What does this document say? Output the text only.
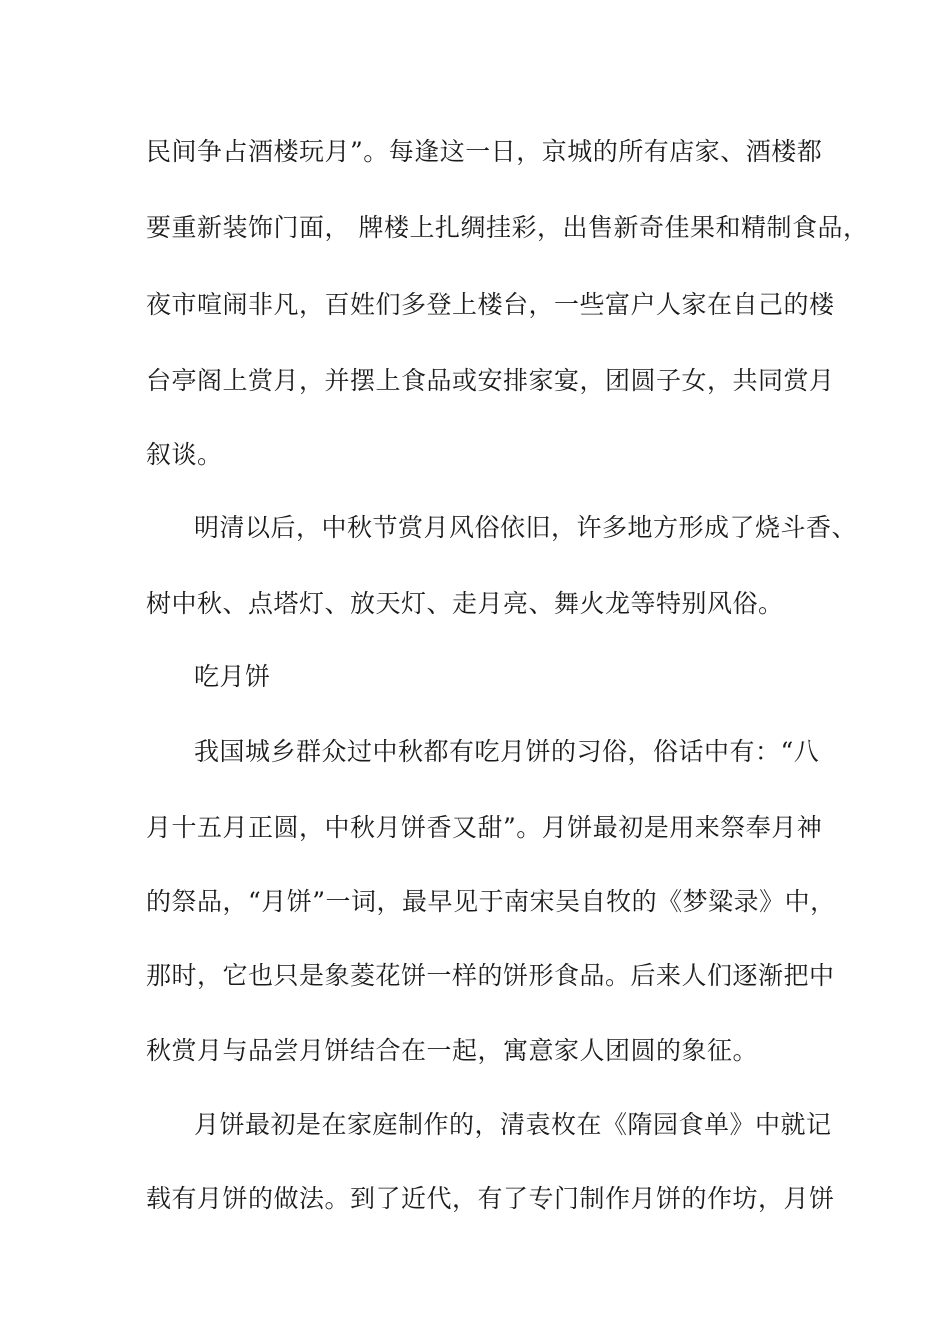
民间争占酒楼玩月”。每逢这一日，京城的所有店家、酒楼都
要重新装饰门面， 牌楼上扎绸挂彩，出售新奇佳果和精制食品，
夜市喧闹非凡，百姓们多登上楼台，一些富户人家在自己的楼
台亭阁上赏月，并摆上食品或安排家宴，团圆子女，共同赏月
叙谈。
明清以后，中秋节赏月风俗依旧，许多地方形成了烧斗香、
树中秋、点塔灯、放天灯、走月亮、舞火龙等特别风俗。
吃月饼
我国城乡群众过中秋都有吃月饼的习俗，俗话中有：“八
月十五月正圆，中秋月饼香又甜”。月饼最初是用来祭奉月神
的祭品，“月饼”一词，最早见于南宋吴自牧的《梦粱录》中，
那时，它也只是象菱花饼一样的饼形食品。后来人们逐渐把中
秋赏月与品尝月饼结合在一起，寓意家人团圆的象征。
月饼最初是在家庭制作的，清袁枚在《隋园食单》中就记
载有月饼的做法。到了近代，有了专门制作月饼的作坊，月饼
